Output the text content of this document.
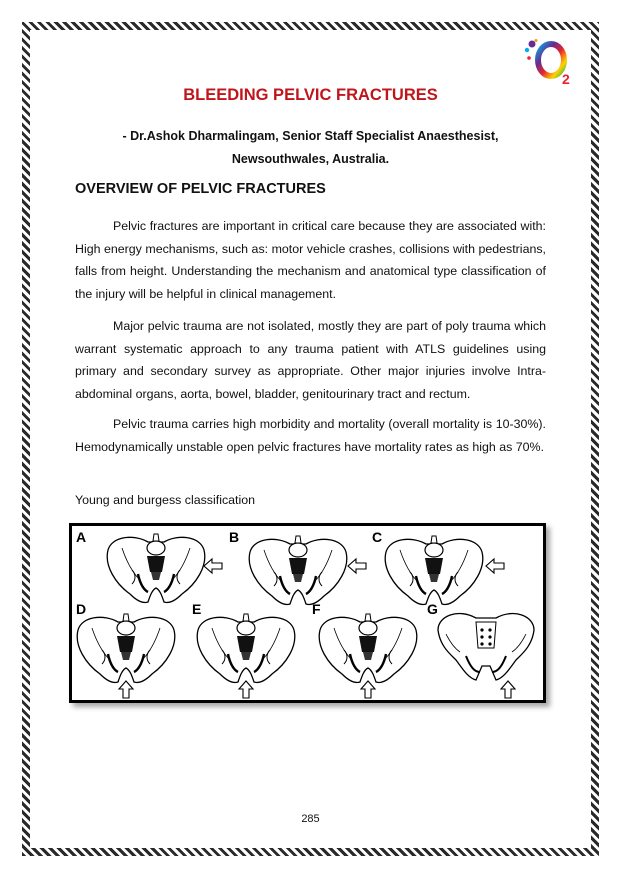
2
BLEEDING PELVIC FRACTURES
- Dr.Ashok Dharmalingam, Senior Staff Specialist Anaesthesist,
Newsouthwales, Australia.
OVERVIEW OF PELVIC FRACTURES

Pelvic fractures are important in critical care because they are associated with: High energy mechanisms, such as: motor vehicle crashes, collisions with pedestrians, falls from height. Understanding the mechanism and anatomical type classification of the injury will be helpful in clinical management.

Major pelvic trauma are not isolated, mostly they are part of poly trauma which warrant systematic approach to any trauma patient with ATLS guidelines using primary and secondary survey as appropriate. Other major injuries involve Intra-abdominal organs, aorta, bowel, bladder, genitourinary tract and rectum.

Pelvic trauma carries high morbidity and mortality (overall mortality is 10-30%). Hemodynamically unstable open pelvic fractures have mortality rates as high as 70%.

Young and burgess classification
A	B	C
D	E	F	G
285
